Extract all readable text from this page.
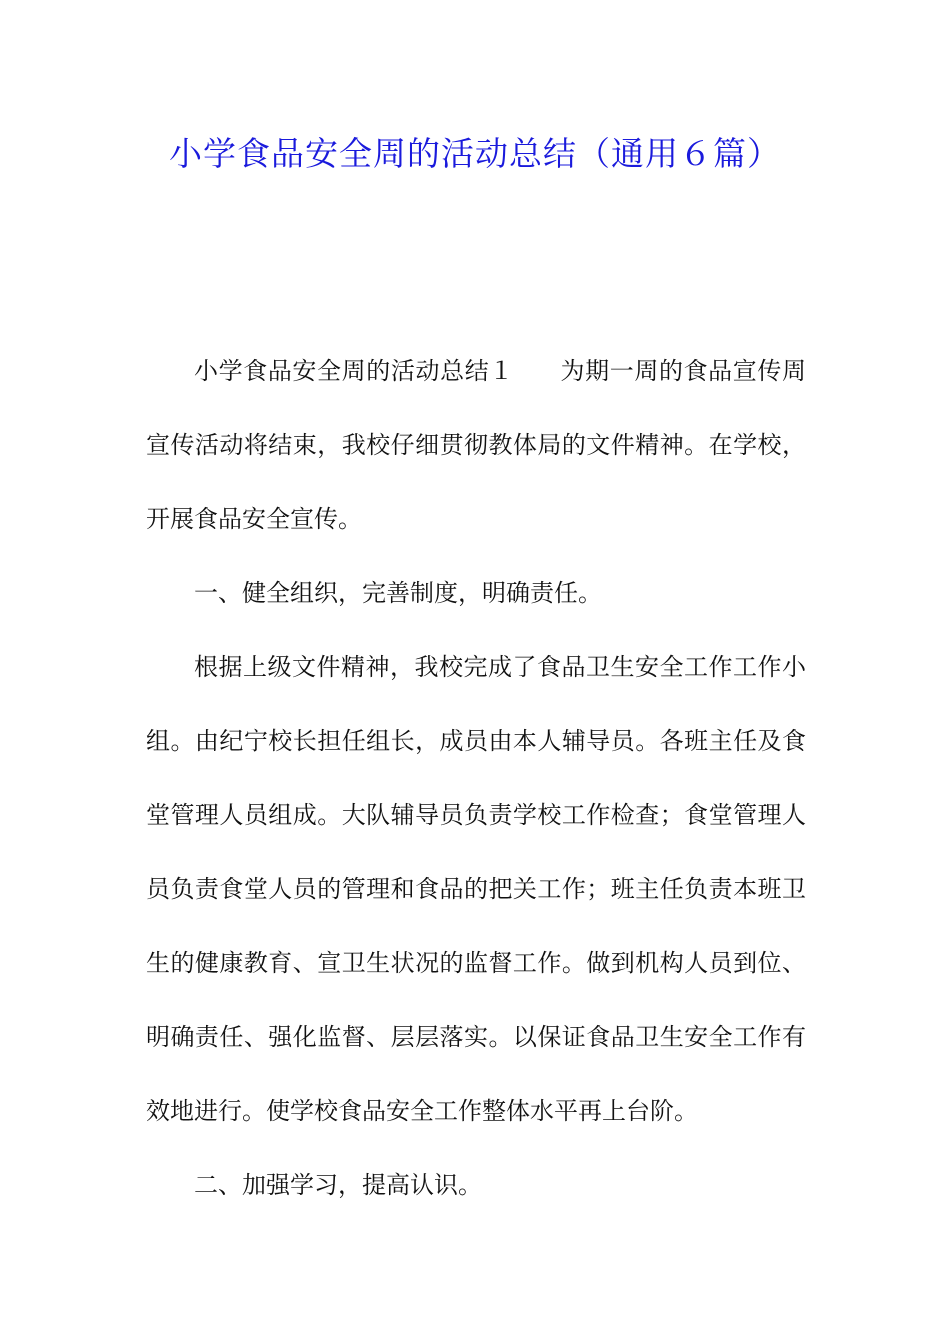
小学食品安全周的活动总结（通用６篇）

小学食品安全周的活动总结１ 为期一周的食品宣传周宣传活动将结束，我校仔细贯彻教体局的文件精神。在学校，开展食品安全宣传。

一、健全组织，完善制度，明确责任。

根据上级文件精神，我校完成了食品卫生安全工作工作小组。由纪宁校长担任组长，成员由本人辅导员。各班主任及食堂管理人员组成。大队辅导员负责学校工作检查；食堂管理人员负责食堂人员的管理和食品的把关工作；班主任负责本班卫生的健康教育、宣卫生状况的监督工作。做到机构人员到位、明确责任、强化监督、层层落实。以保证食品卫生安全工作有效地进行。使学校食品安全工作整体水平再上台阶。

二、加强学习，提高认识。
